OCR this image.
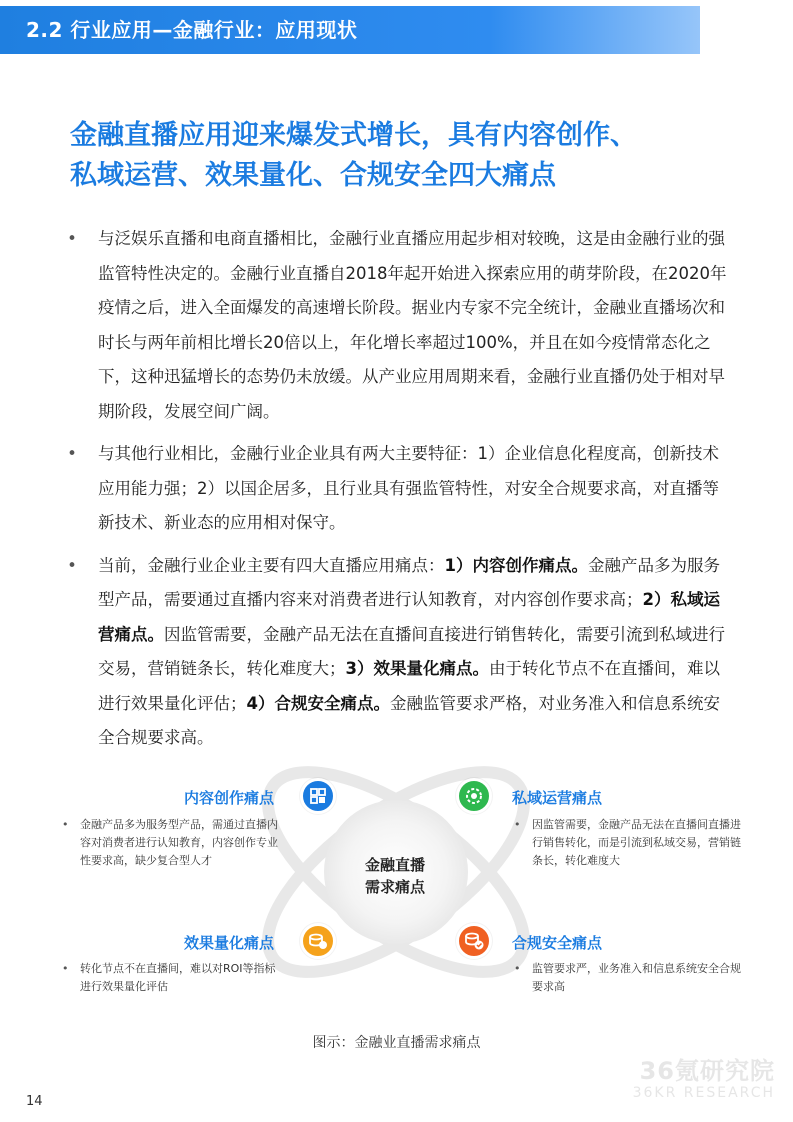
2.2 行业应用—金融行业：应用现状	36
Kr
金融直播应用迎来爆发式增长，具有内容创作、
私域运营、效果量化、合规安全四大痛点
• 与泛娱乐直播和电商直播相比，金融行业直播应用起步相对较晚，这是由金融行业的强监管特性决定的。金融行业直播自2018年起开始进入探索应用的萌芽阶段，在2020年疫情之后，进入全面爆发的高速增长阶段。据业内专家不完全统计，金融业直播场次和时长与两年前相比增长20倍以上，年化增长率超过100%，并且在如今疫情常态化之下，这种迅猛增长的态势仍未放缓。从产业应用周期来看，金融行业直播仍处于相对早期阶段，发展空间广阔。
• 与其他行业相比，金融行业企业具有两大主要特征：1）企业信息化程度高，创新技术应用能力强；2）以国企居多，且行业具有强监管特性，对安全合规要求高，对直播等新技术、新业态的应用相对保守。
• 当前，金融行业企业主要有四大直播应用痛点：1）内容创作痛点。金融产品多为服务型产品，需要通过直播内容来对消费者进行认知教育，对内容创作要求高；2）私域运营痛点。因监管需要，金融产品无法在直播间直接进行销售转化，需要引流到私域进行交易，营销链条长，转化难度大；3）效果量化痛点。由于转化节点不在直播间，难以进行效果量化评估；4）合规安全痛点。金融监管要求严格，对业务准入和信息系统安全合规要求高。
金融直播
需求痛点
内容创作痛点
• 金融产品多为服务型产品，需通过直播内容对消费者进行认知教育，内容创作专业性要求高，缺少复合型人才
私域运营痛点
• 因监管需要，金融产品无法在直播间直播进行销售转化，而是引流到私域交易，营销链条长，转化难度大
效果量化痛点
• 转化节点不在直播间，难以对ROI等指标进行效果量化评估
合规安全痛点
• 监管要求严，业务准入和信息系统安全合规要求高
图示：金融业直播需求痛点
36氪研究院
36KR RESEARCH
14
